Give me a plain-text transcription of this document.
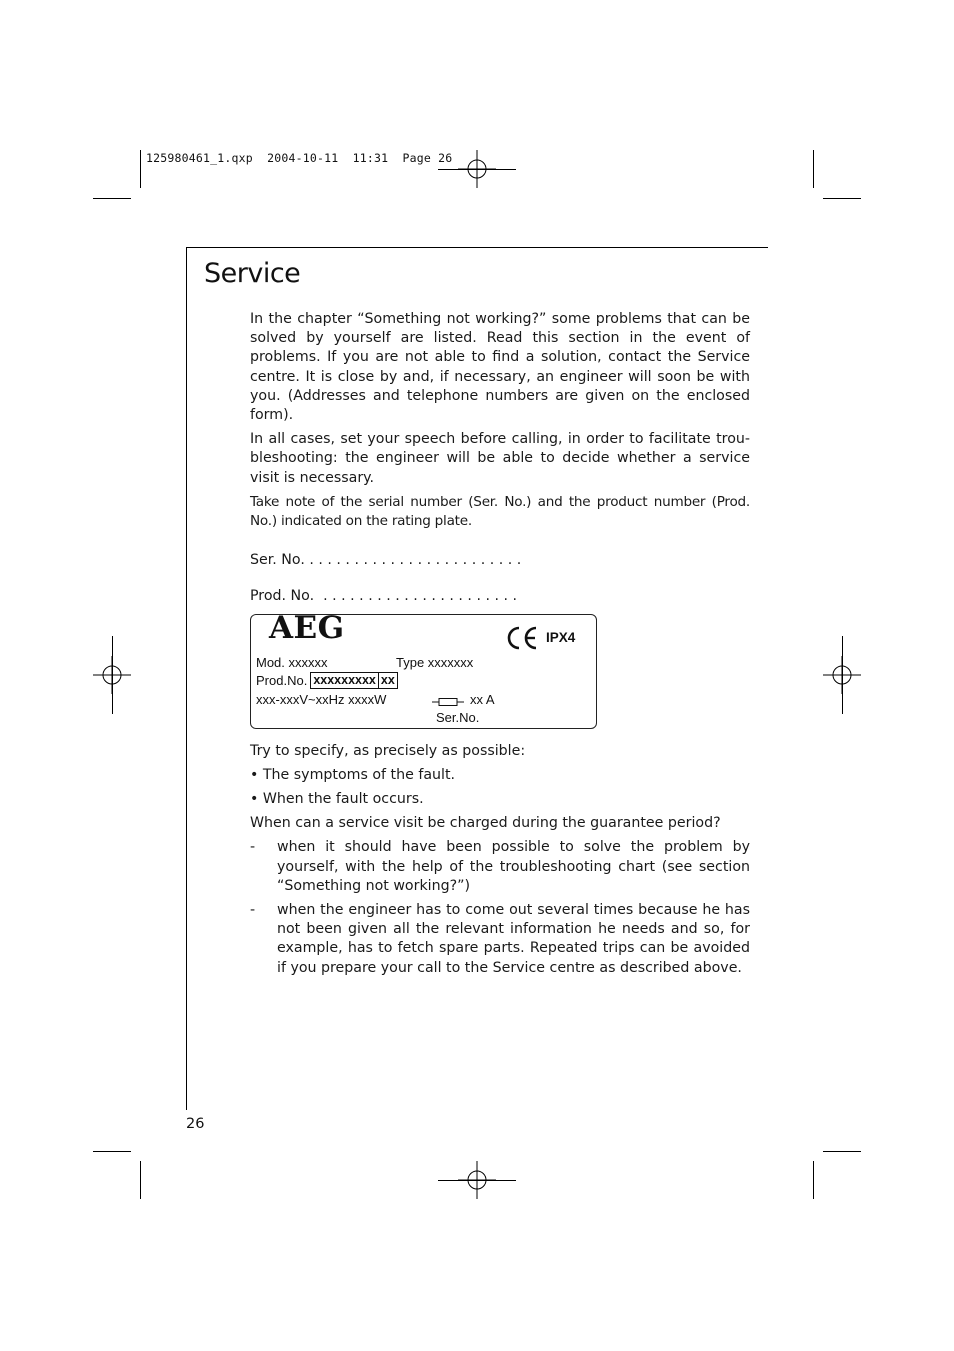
125980461_1.qxp  2004-10-11  11:31  Page 26
Service

In the chapter “Something not working?” some problems that can be solved by yourself are listed. Read this section in the event of problems. If you are not able to find a solution, contact the Service centre. It is close by and, if necessary, an engineer will soon be with you. (Addresses and telephone numbers are given on the enclosed form).

In all cases, set your speech before calling, in order to facilitate trou-bleshooting: the engineer will be able to decide whether a service visit is necessary.

Take note of the serial number (Ser. No.) and the product number (Prod. No.) indicated on the rating plate.

Ser. No. . . . . . . . . . . . . . . . . . . . . . . . .
Prod. No.  . . . . . . . . . . . . . . . . . . . . . .
AEG	IPX4
Mod. xxxxxx	Type xxxxxxx
Prod.No. xxxxxxxxx xx
xxx-xxxV~xxHz xxxxW	xx A
Ser.No.
Try to specify, as precisely as possible:
• The symptoms of the fault.
• When the fault occurs.
When can a service visit be charged during the guarantee period?
-	when it should have been possible to solve the problem by yourself, with the help of the troubleshooting chart (see section “Something not working?”)
-	when the engineer has to come out several times because he has not been given all the relevant information he needs and so, for example, has to fetch spare parts. Repeated trips can be avoided if you prepare your call to the Service centre as described above.
26
